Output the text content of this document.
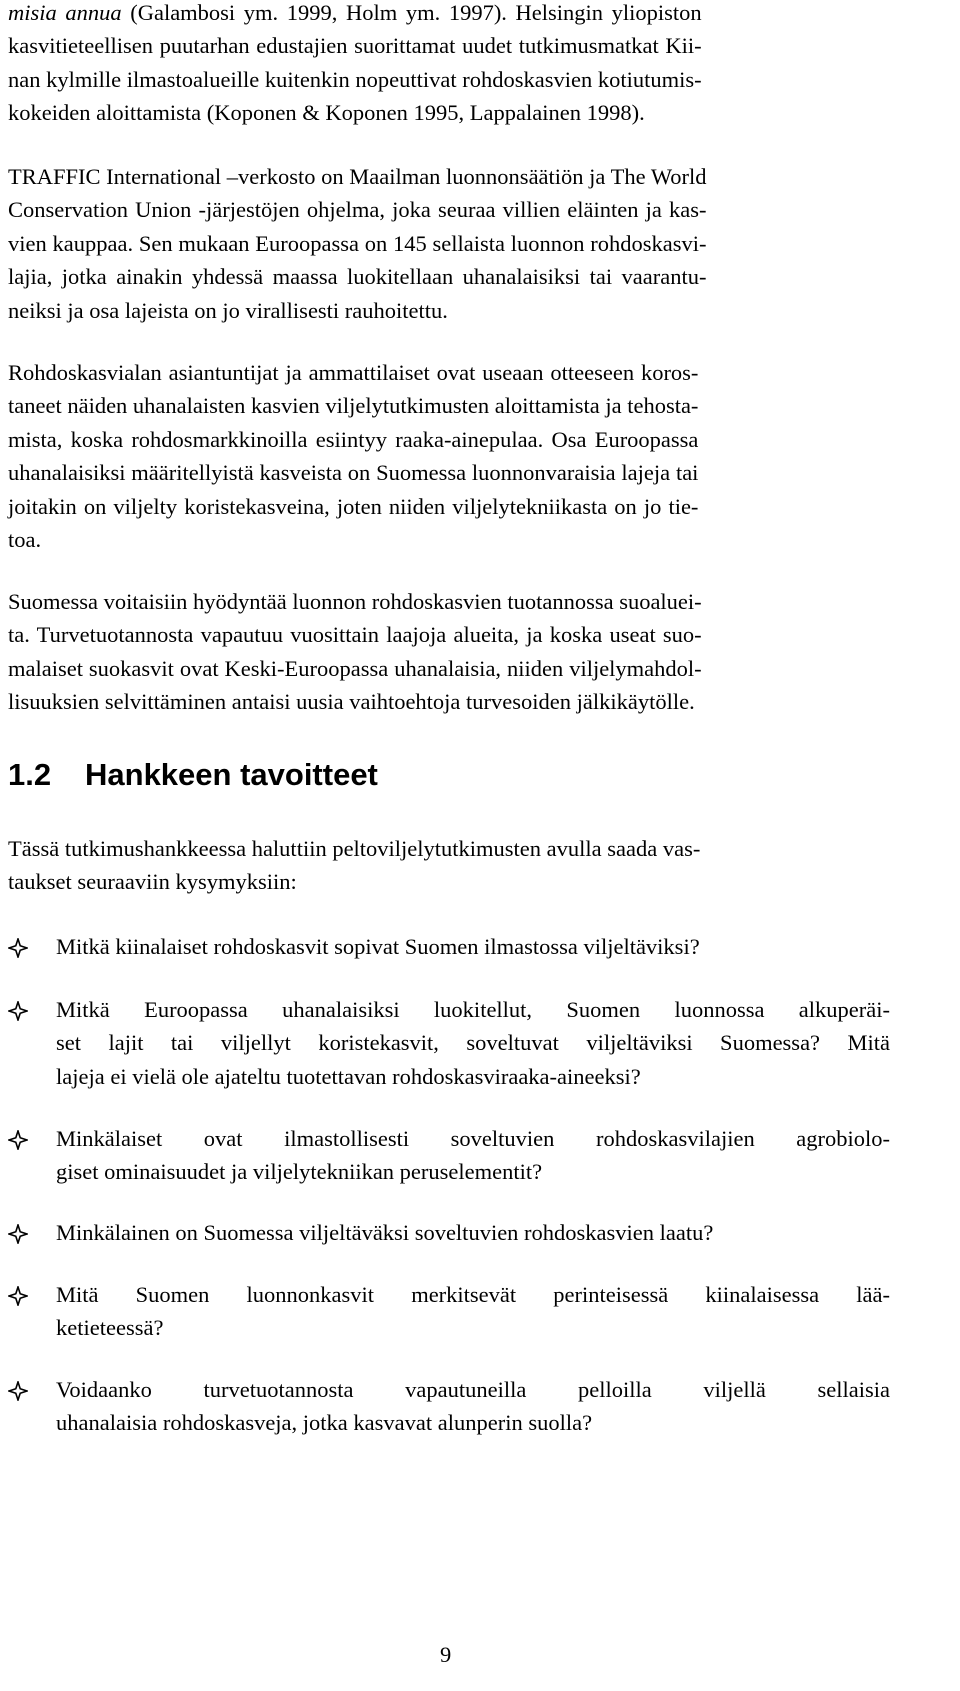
misia annua (Galambosi ym. 1999, Holm ym. 1997). Helsingin yliopiston
kasvitieteellisen puutarhan edustajien suorittamat uudet tutkimusmatkat Kii-
nan kylmille ilmastoalueille kuitenkin nopeuttivat rohdoskasvien kotiutumis-
kokeiden aloittamista (Koponen & Koponen 1995, Lappalainen 1998).

TRAFFIC International –verkosto on Maailman luonnonsäätiön ja The World
Conservation Union -järjestöjen ohjelma, joka seuraa villien eläinten ja kas-
vien kauppaa. Sen mukaan Euroopassa on 145 sellaista luonnon rohdoskasvi-
lajia, jotka ainakin yhdessä maassa luokitellaan uhanalaisiksi tai vaarantu-
neiksi ja osa lajeista on jo virallisesti rauhoitettu.

Rohdoskasvialan asiantuntijat ja ammattilaiset ovat useaan otteeseen koros-
taneet näiden uhanalaisten kasvien viljelytutkimusten aloittamista ja tehosta-
mista, koska rohdosmarkkinoilla esiintyy raaka-ainepulaa. Osa Euroopassa
uhanalaisiksi määritellyistä kasveista on Suomessa luonnonvaraisia lajeja tai
joitakin on viljelty koristekasveina, joten niiden viljelytekniikasta on jo tie-
toa.

Suomessa voitaisiin hyödyntää luonnon rohdoskasvien tuotannossa suoaluei-
ta. Turvetuotannosta vapautuu vuosittain laajoja alueita, ja koska useat suo-
malaiset suokasvit ovat Keski-Euroopassa uhanalaisia, niiden viljelymahdol-
lisuuksien selvittäminen antaisi uusia vaihtoehtoja turvesoiden jälkikäytölle.

1.2 Hankkeen tavoitteet

Tässä tutkimushankkeessa haluttiin peltoviljelytutkimusten avulla saada vas-
taukset seuraaviin kysymyksiin:

Mitkä kiinalaiset rohdoskasvit sopivat Suomen ilmastossa viljeltäviksi?
Mitkä Euroopassa uhanalaisiksi luokitellut, Suomen luonnossa alkuperäi-
set lajit tai viljellyt koristekasvit, soveltuvat viljeltäviksi Suomessa? Mitä
lajeja ei vielä ole ajateltu tuotettavan rohdoskasviraaka-aineeksi?
Minkälaiset ovat ilmastollisesti soveltuvien rohdoskasvilajien agrobiolo-
giset ominaisuudet ja viljelytekniikan peruselementit?
Minkälainen on Suomessa viljeltäväksi soveltuvien rohdoskasvien laatu?
Mitä Suomen luonnonkasvit merkitsevät perinteisessä kiinalaisessa lää-
ketieteessä?
Voidaanko turvetuotannosta vapautuneilla pelloilla viljellä sellaisia
uhanalaisia rohdoskasveja, jotka kasvavat alunperin suolla?
9
